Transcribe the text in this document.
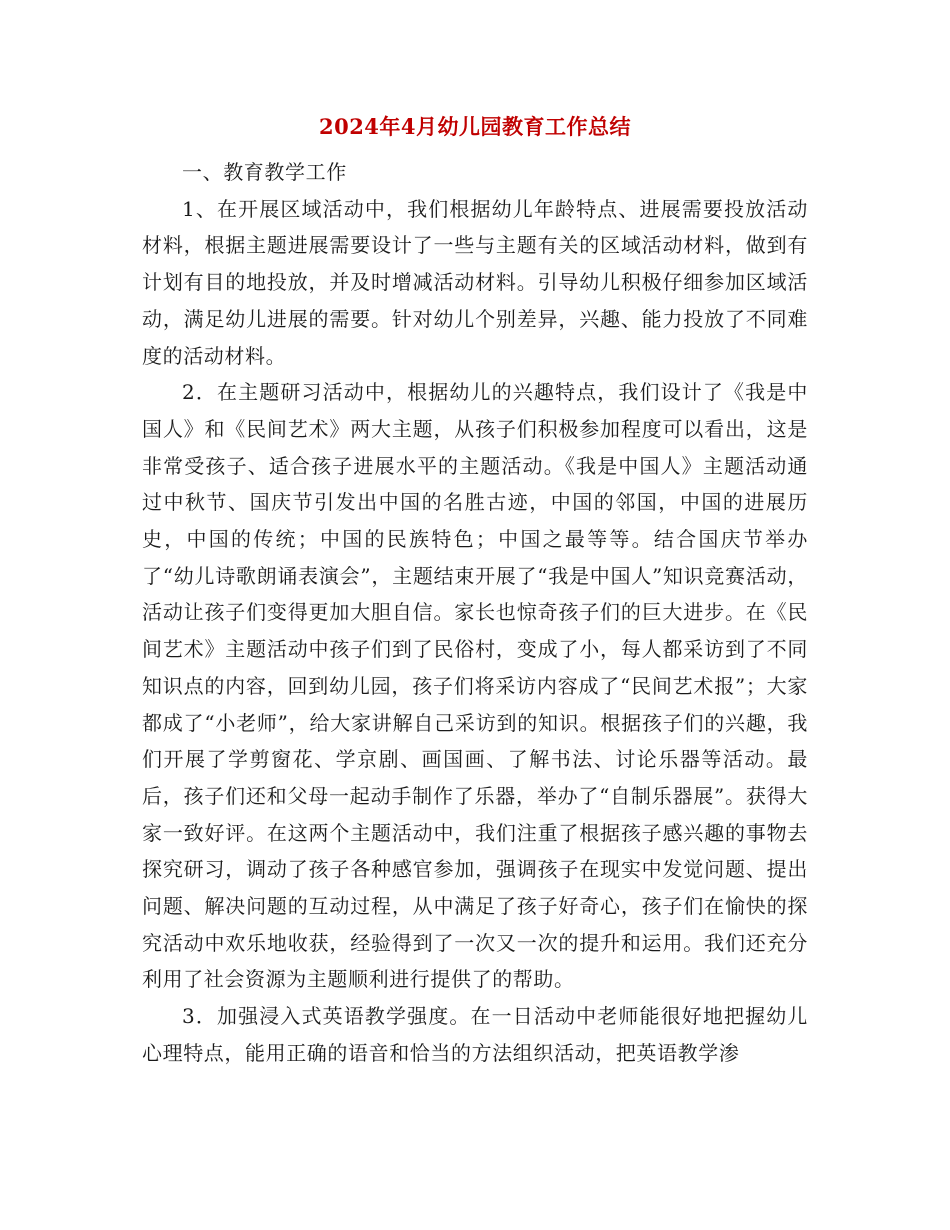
2024年4月幼儿园教育工作总结

一、教育教学工作

1、在开展区域活动中，我们根据幼儿年龄特点、进展需要投放活动材料，根据主题进展需要设计了一些与主题有关的区域活动材料，做到有计划有目的地投放，并及时增减活动材料。引导幼儿积极仔细参加区域活动，满足幼儿进展的需要。针对幼儿个别差异，兴趣、能力投放了不同难度的活动材料。

2．在主题研习活动中，根据幼儿的兴趣特点，我们设计了《我是中国人》和《民间艺术》两大主题，从孩子们积极参加程度可以看出，这是非常受孩子、适合孩子进展水平的主题活动。《我是中国人》主题活动通过中秋节、国庆节引发出中国的名胜古迹，中国的邻国，中国的进展历史，中国的传统；中国的民族特色；中国之最等等。结合国庆节举办了“幼儿诗歌朗诵表演会”，主题结束开展了“我是中国人”知识竞赛活动，活动让孩子们变得更加大胆自信。家长也惊奇孩子们的巨大进步。在《民间艺术》主题活动中孩子们到了民俗村，变成了小，每人都采访到了不同知识点的内容，回到幼儿园，孩子们将采访内容成了“民间艺术报”；大家都成了“小老师”，给大家讲解自己采访到的知识。根据孩子们的兴趣，我们开展了学剪窗花、学京剧、画国画、了解书法、讨论乐器等活动。最后，孩子们还和父母一起动手制作了乐器，举办了“自制乐器展”。获得大家一致好评。在这两个主题活动中，我们注重了根据孩子感兴趣的事物去探究研习，调动了孩子各种感官参加，强调孩子在现实中发觉问题、提出问题、解决问题的互动过程，从中满足了孩子好奇心，孩子们在愉快的探究活动中欢乐地收获，经验得到了一次又一次的提升和运用。我们还充分利用了社会资源为主题顺利进行提供了的帮助。

3．加强浸入式英语教学强度。在一日活动中老师能很好地把握幼儿心理特点，能用正确的语音和恰当的方法组织活动，把英语教学渗
